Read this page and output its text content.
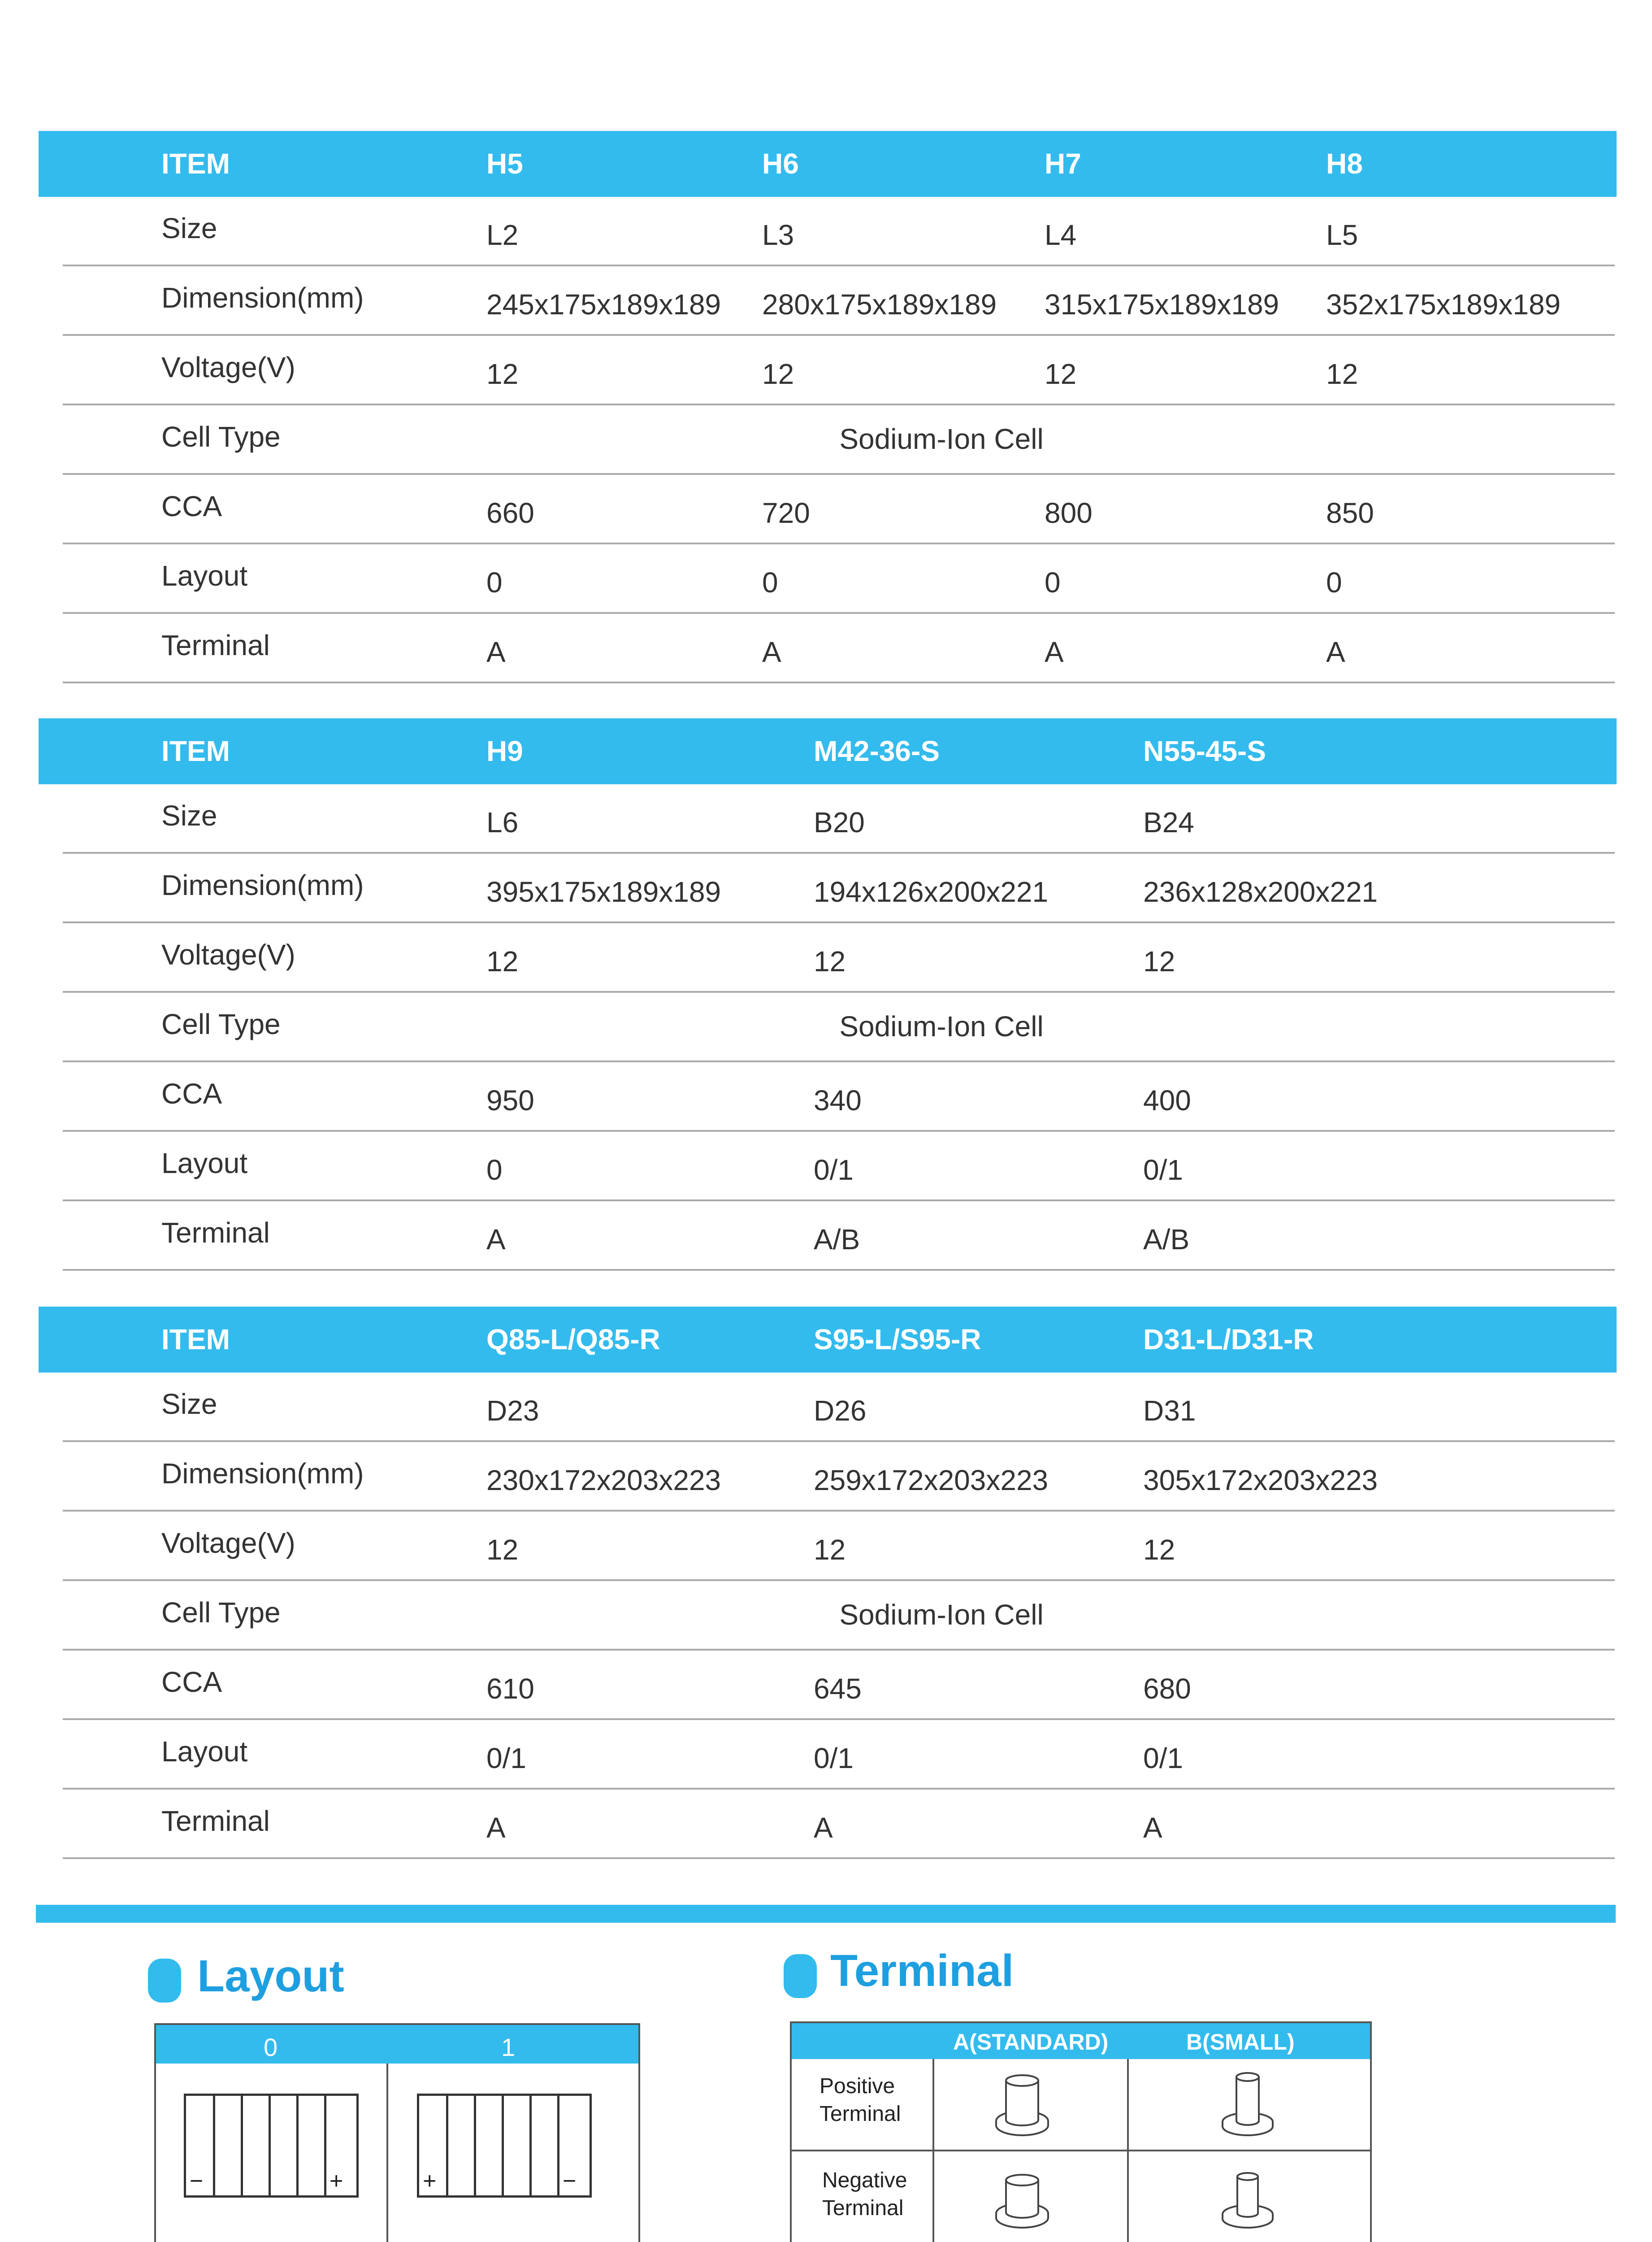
ITEM	H5	H6	H7	H8
Size	L2	L3	L4	L5
Dimension(mm)	245x175x189x189 280x175x189x189 315x175x189x189 352x175x189x189
Voltage(V)	12	12	12	12
Cell Type	Sodium-Ion Cell
CCA	660	720	800	850
Layout	0	0	0	0
Terminal	A	A	A	A
ITEM	H9	M42-36-S	N55-45-S
Size	L6	B20	B24
Dimension(mm)	395x175x189x189	194x126x200x221	236x128x200x221
Voltage(V)	12	12	12
Cell Type	Sodium-Ion Cell
CCA	950	340	400
Layout	0	0/1	0/1
Terminal	A	A/B	A/B
ITEM	Q85-L/Q85-R	S95-L/S95-R	D31-L/D31-R
Size	D23	D26	D31
Dimension(mm)	230x172x203x223	259x172x203x223	305x172x203x223
Voltage(V)	12	12	12
Cell Type	Sodium-Ion Cell
CCA	610	645	680
Layout	0/1	0/1	0/1
Terminal	A	A	A
Layout
0	1
−	+	+	−
Terminal
A(STANDARD)	B(SMALL)
Positive
Terminal
Negative
Terminal
